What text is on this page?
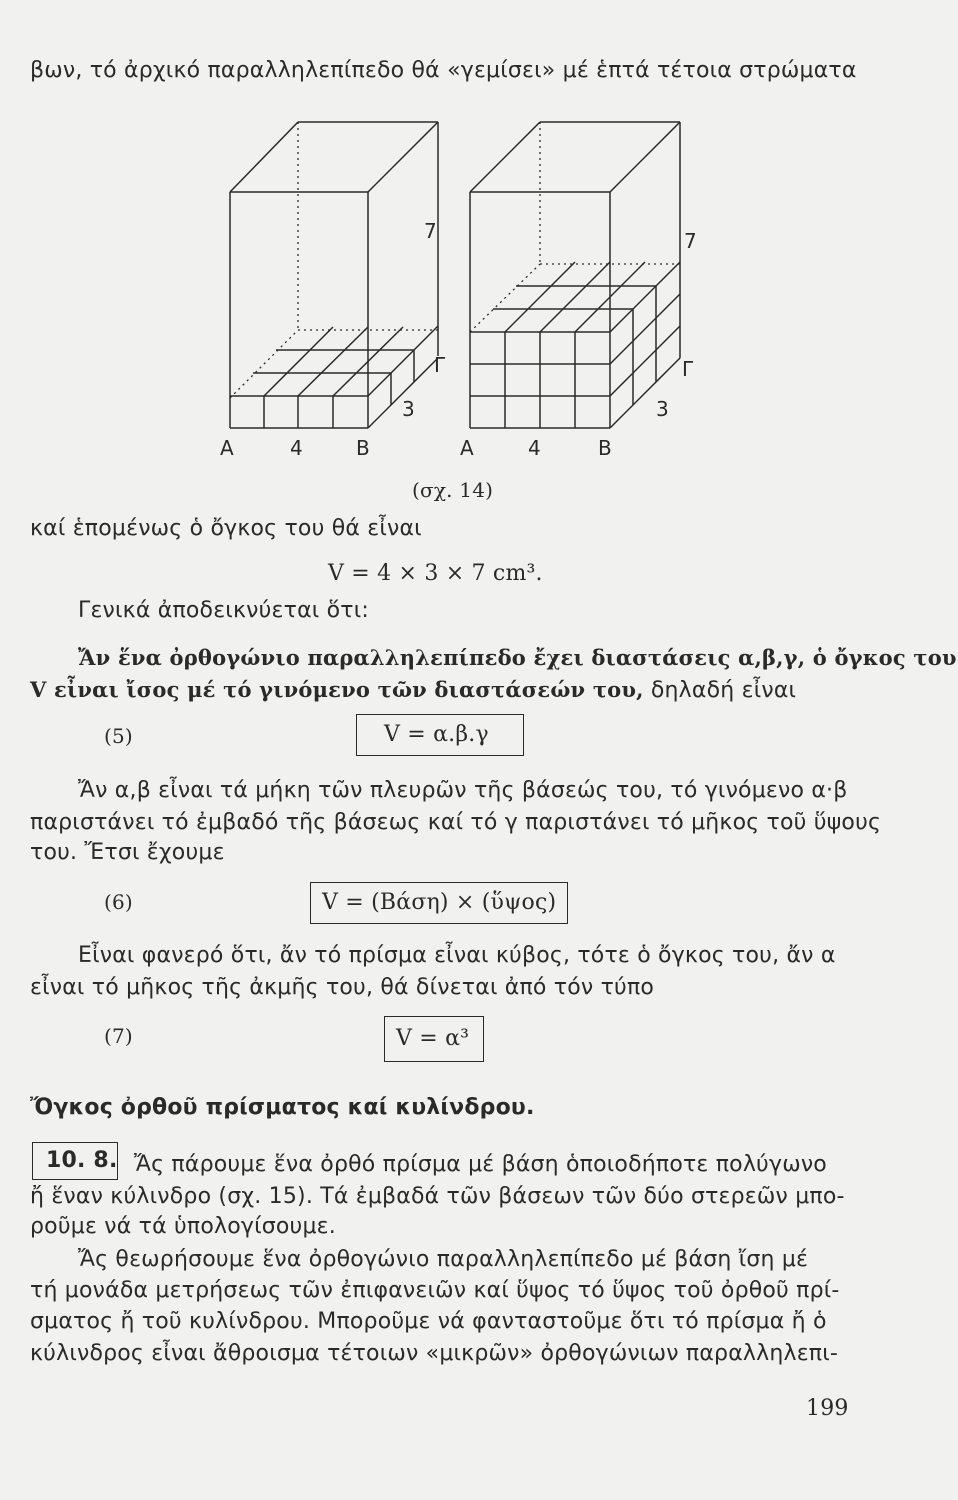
βων, τό ἀρχικό παραλληλεπίπεδο θά «γεμίσει» μέ ἑπτά τέτοια στρώματα
7
Γ
3
Α	4	Β
7
Γ
3
Α	4	Β
(σχ. 14)
καί ἑπομένως ὁ ὄγκος του θά εἶναι
V = 4 × 3 × 7 cm³.
Γενικά ἀποδεικνύεται ὅτι:
Ἄν ἕνα ὀρθογώνιο παραλληλεπίπεδο ἔχει διαστάσεις α,β,γ, ὁ ὄγκος του
V εἶναι ἴσος μέ τό γινόμενο τῶν διαστάσεών του, δηλαδή εἶναι
(5)	V = α.β.γ
Ἄν α,β εἶναι τά μήκη τῶν πλευρῶν τῆς βάσεώς του, τό γινόμενο α·β
παριστάνει τό ἐμβαδό τῆς βάσεως καί τό γ παριστάνει τό μῆκος τοῦ ὕψους
του. Ἔτσι ἔχουμε
(6)	V = (Βάση) × (ὕψος)
Εἶναι φανερό ὅτι, ἄν τό πρίσμα εἶναι κύβος, τότε ὁ ὄγκος του, ἄν α
εἶναι τό μῆκος τῆς ἀκμῆς του, θά δίνεται ἀπό τόν τύπο
(7)	V = α³
Ὄγκος ὀρθοῦ πρίσματος καί κυλίνδρου.
10. 8. Ἄς πάρουμε ἕνα ὀρθό πρίσμα μέ βάση ὁποιοδήποτε πολύγωνο
ἤ ἕναν κύλινδρο (σχ. 15). Τά ἐμβαδά τῶν βάσεων τῶν δύο στερεῶν μπο-
ροῦμε νά τά ὑπολογίσουμε.
Ἄς θεωρήσουμε ἕνα ὀρθογώνιο παραλληλεπίπεδο μέ βάση ἴση μέ
τή μονάδα μετρήσεως τῶν ἐπιφανειῶν καί ὕψος τό ὕψος τοῦ ὀρθοῦ πρί-
σματος ἤ τοῦ κυλίνδρου. Μποροῦμε νά φανταστοῦμε ὅτι τό πρίσμα ἤ ὁ
κύλινδρος εἶναι ἄθροισμα τέτοιων «μικρῶν» ὀρθογώνιων παραλληλεπι-
199
